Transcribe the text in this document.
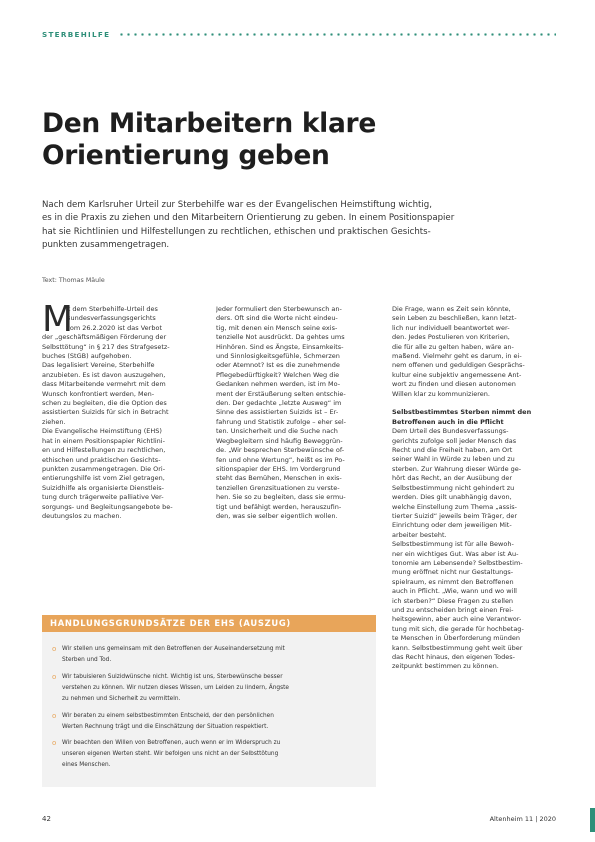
STERBEHILFE
Den Mitarbeitern klare
Orientierung geben
Nach dem Karlsruher Urteil zur Sterbehilfe war es der Evangelischen Heimstiftung wichtig,
es in die Praxis zu ziehen und den Mitarbeitern Orientierung zu geben. In einem Positionspapier
hat sie Richtlinien und Hilfestellungen zu rechtlichen, ethischen und praktischen Gesichts-
punkten zusammengetragen.
Text: Thomas Mäule
M
it dem Sterbehilfe-Urteil des
Bundesverfassungsgerichts
vom 26.2.2020 ist das Verbot
der „geschäftsmäßigen Förderung der
Selbsttötung“ in § 217 des Strafgesetz-
buches (StGB) aufgehoben.
Das legalisiert Vereine, Sterbehilfe
anzubieten. Es ist davon auszugehen,
dass Mitarbeitende vermehrt mit dem
Wunsch konfrontiert werden, Men-
schen zu begleiten, die die Option des
assistierten Suizids für sich in Betracht
ziehen.
Die Evangelische Heimstiftung (EHS)
hat in einem Positionspapier Richtlini-
en und Hilfestellungen zu rechtlichen,
ethischen und praktischen Gesichts-
punkten zusammengetragen. Die Ori-
entierungshilfe ist vom Ziel getragen,
Suizidhilfe als organisierte Dienstleis-
tung durch trägerweite palliative Ver-
sorgungs- und Begleitungsangebote be-
deutungslos zu machen.
Jeder formuliert den Sterbewunsch an-
ders. Oft sind die Worte nicht eindeu-
tig, mit denen ein Mensch seine exis-
tenzielle Not ausdrückt. Da gehtes ums
Hinhören. Sind es Ängste, Einsamkeits-
und Sinnlosigkeitsgefühle, Schmerzen
oder Atemnot? Ist es die zunehmende
Pflegebedürftigkeit? Welchen Weg die
Gedanken nehmen werden, ist im Mo-
ment der Erstäußerung selten entschie-
den. Der gedachte „letzte Ausweg“ im
Sinne des assistierten Suizids ist – Er-
fahrung und Statistik zufolge – eher sel-
ten. Unsicherheit und die Suche nach
Wegbegleitern sind häufig Beweggrün-
de. „Wir besprechen Sterbewünsche of-
fen und ohne Wertung“, heißt es im Po-
sitionspapier der EHS. Im Vordergrund
steht das Bemühen, Menschen in exis-
tenziellen Grenzsituationen zu verste-
hen. Sie so zu begleiten, dass sie ermu-
tigt und befähigt werden, herauszufin-
den, was sie selber eigentlich wollen.
Die Frage, wann es Zeit sein könnte,
sein Leben zu beschließen, kann letzt-
lich nur individuell beantwortet wer-
den. Jedes Postulieren von Kriterien,
die für alle zu gelten haben, wäre an-
maßend. Vielmehr geht es darum, in ei-
nem offenen und geduldigen Gesprächs-
kultur eine subjektiv angemessene Ant-
wort zu finden und diesen autonomen
Willen klar zu kommunizieren.
Selbstbestimmtes Sterben nimmt den
Betroffenen auch in die Pflicht
Dem Urteil des Bundesverfassungs-
gerichts zufolge soll jeder Mensch das
Recht und die Freiheit haben, am Ort
seiner Wahl in Würde zu leben und zu
sterben. Zur Wahrung dieser Würde ge-
hört das Recht, an der Ausübung der
Selbstbestimmung nicht gehindert zu
werden. Dies gilt unabhängig davon,
welche Einstellung zum Thema „assis-
tierter Suizid“ jeweils beim Träger, der
Einrichtung oder dem jeweiligen Mit-
arbeiter besteht.
Selbstbestimmung ist für alle Bewoh-
ner ein wichtiges Gut. Was aber ist Au-
tonomie am Lebensende? Selbstbestim-
mung eröffnet nicht nur Gestaltungs-
spielraum, es nimmt den Betroffenen
auch in Pflicht. „Wie, wann und wo will
ich sterben?“ Diese Fragen zu stellen
und zu entscheiden bringt einen Frei-
heitsgewinn, aber auch eine Verantwor-
tung mit sich, die gerade für hochbetag-
te Menschen in Überforderung münden
kann. Selbstbestimmung geht weit über
das Recht hinaus, den eigenen Todes-
zeitpunkt bestimmen zu können.
HANDLUNGSGRUNDSÄTZE DER EHS (AUSZUG)
o Wir stellen uns gemeinsam mit den Betroffenen der Auseinandersetzung mit
Sterben und Tod.
o Wir tabuisieren Suizidwünsche nicht. Wichtig ist uns, Sterbewünsche besser
verstehen zu können. Wir nutzen dieses Wissen, um Leiden zu lindern, Ängste
zu nehmen und Sicherheit zu vermitteln.
o Wir beraten zu einem selbstbestimmten Entscheid, der den persönlichen
Werten Rechnung trägt und die Einschätzung der Situation respektiert.
o Wir beachten den Willen von Betroffenen, auch wenn er im Widerspruch zu
unseren eigenen Werten steht. Wir befolgen uns nicht an der Selbsttötung
eines Menschen.
42	Altenheim 11 | 2020
